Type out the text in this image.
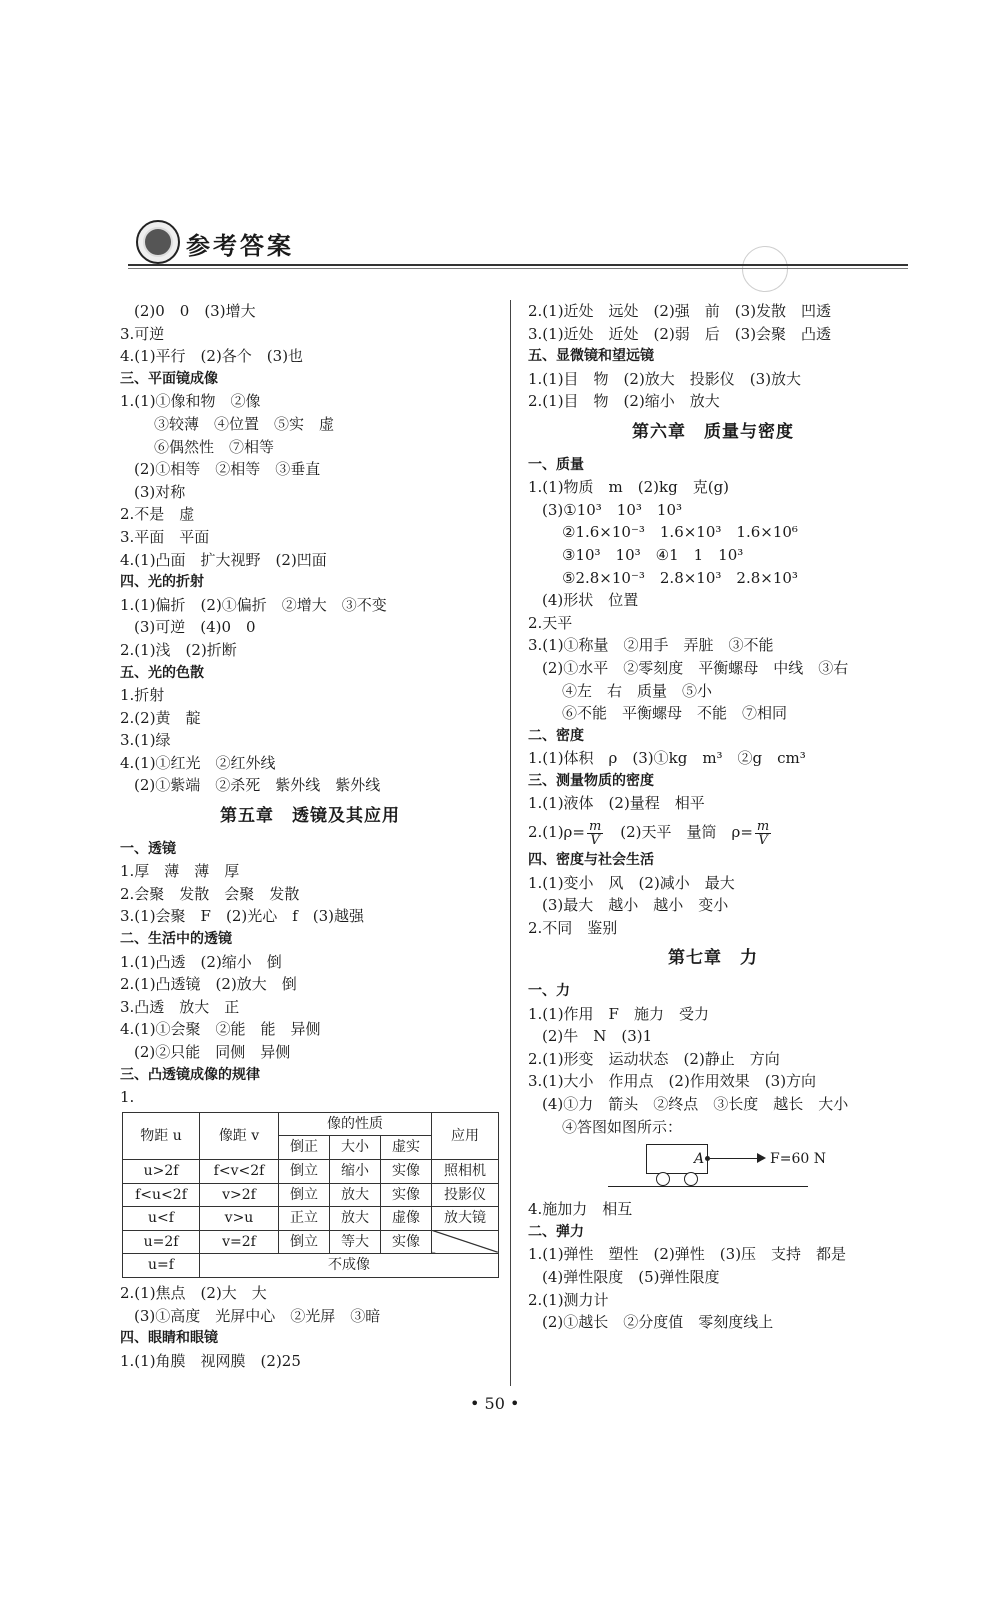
参考答案
(2)0　0　(3)增大
3.可逆
4.(1)平行　(2)各个　(3)也
三、平面镜成像
1.(1)①像和物　②像
③较薄　④位置　⑤实　虚
⑥偶然性　⑦相等
(2)①相等　②相等　③垂直
(3)对称
2.不是　虚
3.平面　平面
4.(1)凸面　扩大视野　(2)凹面
四、光的折射
1.(1)偏折　(2)①偏折　②增大　③不变
(3)可逆　(4)0　0
2.(1)浅　(2)折断
五、光的色散
1.折射
2.(2)黄　靛
3.(1)绿
4.(1)①红光　②红外线
(2)①紫端　②杀死　紫外线　紫外线
第五章　透镜及其应用
一、透镜
1.厚　薄　薄　厚
2.会聚　发散　会聚　发散
3.(1)会聚　F　(2)光心　f　(3)越强
二、生活中的透镜
1.(1)凸透　(2)缩小　倒
2.(1)凸透镜　(2)放大　倒
3.凸透　放大　正
4.(1)①会聚　②能　能　异侧
(2)②只能　同侧　异侧
三、凸透镜成像的规律
1.
物距 u	像距 v	像的性质			应用
		倒正	大小	虚实	
u>2f	f<v<2f	倒立	缩小	实像	照相机
f<u<2f	v>2f	倒立	放大	实像	投影仪
u<f	v>u	正立	放大	虚像	放大镜
u=2f	v=2f	倒立	等大	实像	
u=f	不成像				
2.(1)焦点　(2)大　大
(3)①高度　光屏中心　②光屏　③暗
四、眼睛和眼镜
1.(1)角膜　视网膜　(2)25
2.(1)近处　远处　(2)强　前　(3)发散　凹透
3.(1)近处　近处　(2)弱　后　(3)会聚　凸透
五、显微镜和望远镜
1.(1)目　物　(2)放大　投影仪　(3)放大
2.(1)目　物　(2)缩小　放大
第六章　质量与密度
一、质量
1.(1)物质　m　(2)kg　克(g)
(3)①10³　10³　10³
②1.6×10⁻³　1.6×10³　1.6×10⁶
③10³　10³　④1　1　10³
⑤2.8×10⁻³　2.8×10³　2.8×10³
(4)形状　位置
2.天平
3.(1)①称量　②用手　弄脏　③不能
(2)①水平　②零刻度　平衡螺母　中线　③右
④左　右　质量　⑤小
⑥不能　平衡螺母　不能　⑦相同
二、密度
1.(1)体积　ρ　(3)①kg　m³　②g　cm³
三、测量物质的密度
1.(1)液体　(2)量程　相平
$2.(1)\rho= \frac{m}{V}$ 　(2)天平　量筒　$\rho= \frac{m}{V}$
四、密度与社会生活
1.(1)变小　风　(2)减小　最大
(3)最大　越小　越小　变小
2.不同　鉴别
第七章　力
一、力
1.(1)作用　F　施力　受力
(2)牛　N　(3)1
2.(1)形变　运动状态　(2)静止　方向
3.(1)大小　作用点　(2)作用效果　(3)方向
(4)①力　箭头　②终点　③长度　越长　大小
④答图如图所示：
A	F=60 N
4.施加力　相互
二、弹力
1.(1)弹性　塑性　(2)弹性　(3)压　支持　都是
(4)弹性限度　(5)弹性限度
2.(1)测力计
(2)①越长　②分度值　零刻度线上
• 50 •
